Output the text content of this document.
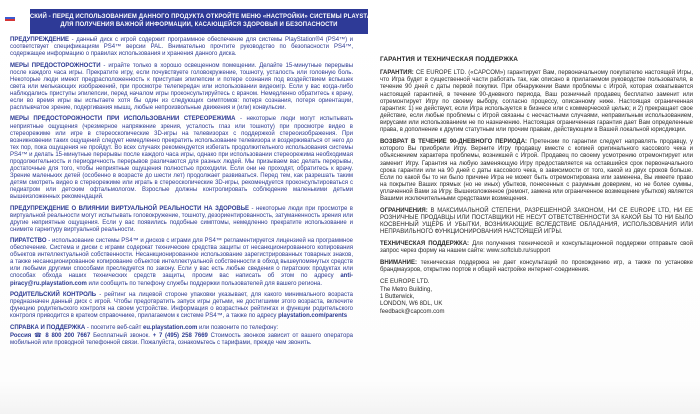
РУССКИЙ - ПЕРЕД ИСПОЛЬЗОВАНИЕМ ДАННОГО ПРОДУКТА ОТКРОЙТЕ МЕНЮ «НАСТРОЙКИ» СИСТЕМЫ PLAYSTATION®4
ДЛЯ ПОЛУЧЕНИЯ ВАЖНОЙ ИНФОРМАЦИИ, КАСАЮЩЕЙСЯ ЗДОРОВЬЯ И БЕЗОПАСНОСТИ

ПРЕДУПРЕЖДЕНИЕ - данный диск с игрой содержит программное обеспечение для системы PlayStation®4 (PS4™) и соответствует спецификациям PS4™ версии PAL. Внимательно прочтите руководство по безопасности PS4™, содержащее информацию о правилах использования и хранения данного диска.

МЕРЫ ПРЕДОСТОРОЖНОСТИ - играйте только в хорошо освещенном помещении. Делайте 15-минутные перерывы после каждого часа игры. Прекратите игру, если почувствуете головокружение, тошноту, усталость или головную боль. Некоторые люди имеют предрасположенность к приступам эпилепсии и потере сознания под воздействием вспышек света или мелькающих изображений, при просмотре телепередач или использовании видеоигр. Если у вас когда-либо наблюдались приступы эпилепсии, перед началом игры проконсультируйтесь с врачом. Немедленно обратитесь к врачу, если во время игры вы испытаете хотя бы один из следующих симптомов: потеря сознания, потеря ориентации, расплывчатое зрение, подергивания мышц, любые непроизвольные движения и (или) конвульсии.

МЕРЫ ПРЕДОСТОРОЖНОСТИ ПРИ ИСПОЛЬЗОВАНИИ СТЕРЕОРЕЖИМА - некоторые люди могут испытывать неприятные ощущения (чрезмерное напряжение зрения, усталость глаз или тошноту) при просмотре видео в стереорежиме или игре в стереоскопические 3D-игры на телевизорах с поддержкой стереоизображения. При возникновении таких ощущений следует немедленно прекратить использование телевизора и воздерживаться от него до тех пор, пока ощущения не пройдут. Во всех случаях рекомендуется избегать продолжительного использования системы PS4™ и делать 15-минутные перерывы после каждого часа игры, однако при использовании стереорежима необходимая продолжительность и периодичность перерывов различаются для разных людей. Мы призываем вас делать перерывы, достаточные для того, чтобы неприятные ощущения полностью проходили. Если они не проходят, обратитесь к врачу. Зрение маленьких детей (особенно в возрасте до шести лет) продолжает развиваться. Перед тем, как разрешать таким детям смотреть видео в стереорежиме или играть в стереоскопические 3D-игры, рекомендуется проконсультироваться с педиатром или детским офтальмологом. Взрослые должны контролировать соблюдение маленькими детьми вышеизложенных рекомендаций.

ПРЕДУПРЕЖДЕНИЕ О ВЛИЯНИИ ВИРТУАЛЬНОЙ РЕАЛЬНОСТИ НА ЗДОРОВЬЕ - некоторые люди при просмотре в виртуальной реальности могут испытывать головокружение, тошноту, дезориентированность, затуманенность зрения или другие неприятные ощущения. Если у вас появились подобные симптомы, немедленно прекратите использование и снимите гарнитуру виртуальной реальности.

ПИРАТСТВО - использование системы PS4™ и дисков с играми для PS4™ регламентируется лицензией на программное обеспечение. Система и диски с играми содержат технические средства защиты от несанкционированного копирования объектов интеллектуальной собственности. Несанкционированное использование зарегистрированных товарных знаков, а также несанкционированное копирование объектов интеллектуальной собственности в обход вышеупомянутых средств или любыми другими способами преследуется по закону. Если у вас есть любые сведения о пиратских продуктах или способах обхода наших технических средств защиты, просим вас написать об этом по адресу anti-piracy@ru.playstation.com или сообщить по телефону службы поддержки пользователей для вашего региона.

РОДИТЕЛЬСКИЙ КОНТРОЛЬ - рейтинг на лицевой стороне упаковки указывает, для какого минимального возраста предназначен данный диск с игрой. Чтобы предотвратить запуск игры детьми, не достигшими этого возраста, включите функцию родительского контроля на своем устройстве. Информация о возрастных рейтингах и функции родительского контроля приводится в кратком справочнике, прилагаемом к системе PS4™, а также по адресу playstation.com/parents

СПРАВКА И ПОДДЕРЖКА - посетите веб-сайт eu.playstation.com или позвоните по телефону:

Россия ☎ 8 800 200 7667 Бесплатный звонок. + 7 (495) 258 7669 Стоимость звонков зависит от вашего оператора мобильной или проводной телефонной связи. Пожалуйста, ознакомьтесь с тарифами, прежде чем звонить.

ГАРАНТИЯ И ТЕХНИЧЕСКАЯ ПОДДЕРЖКА

ГАРАНТИЯ: CE EUROPE LTD. («CAPCOM») гарантирует Вам, первоначальному покупателю настоящей Игры, что Игра будет в существенной части работать так, как описано в прилагаемом руководстве пользователя, в течение 90 дней с даты первой покупки. При обнаружении Вами проблемы с Игрой, которая охватывается настоящей гарантией, в течение 90-дневного периода, Ваш розничный продавец бесплатно заменит или отремонтирует Игру по своему выбору, согласно процессу, описанному ниже. Настоящая ограниченная гарантия: 1) не действует, если Игра используется в бизнесе или с коммерческой целью; и 2) прекращает свое действие, если любые проблемы с Игрой связаны с несчастными случаями, неправильным использованием, вирусами или использованием не по назначению. Настоящая ограниченная гарантия дает Вам определенные права, в дополнение к другим статутным или прочим правам, действующим в Вашей локальной юрисдикции.

ВОЗВРАТ В ТЕЧЕНИЕ 90-ДНЕВНОГО ПЕРИОДА: Претензии по гарантии следует направлять продавцу, у которого Вы приобрели Игру. Верните Игру продавцу вместе с копией оригинального кассового чека и объяснением характера проблемы, возникшей с Игрой. Продавец по своему усмотрению отремонтирует или заменит Игру. Гарантия на любую заменяющую Игру предоставляется на оставшийся срок первоначального срока гарантии или на 90 дней с даты кассового чека, в зависимости от того, какой из двух сроков больше. Если по какой бы то ни было причине Игра не может быть отремонтирована или заменена, Вы имеете право на покрытие Ваших прямых (но не иных) убытков, понесенных с разумным доверием, но не более суммы, уплаченной Вами за Игру. Вышеизложенное (ремонт, замена или ограниченное возмещение убытков) является Вашими исключительными средствами возмещения.

ОГРАНИЧЕНИЯ: В МАКСИМАЛЬНОЙ СТЕПЕНИ, РАЗРЕШЕННОЙ ЗАКОНОМ, НИ CE EUROPE LTD, НИ ЕЕ РОЗНИЧНЫЕ ПРОДАВЦЫ ИЛИ ПОСТАВЩИКИ НЕ НЕСУТ ОТВЕТСТВЕННОСТИ ЗА КАКОЙ БЫ ТО НИ БЫЛО КОСВЕННЫЙ УЩЕРБ И УБЫТКИ, ВОЗНИКАЮЩИЕ ВСЛЕДСТВИЕ ОБЛАДАНИЯ, ИСПОЛЬЗОВАНИЯ ИЛИ НЕПРАВИЛЬНОГО ФУНКЦИОНИРОВАНИЯ НАСТОЯЩЕЙ ИГРЫ.

ТЕХНИЧЕСКАЯ ПОДДЕРЖКА: Для получения технической и консультационной поддержки отправьте свой запрос через форму на нашем сайте: www.softclub.ru/support

ВНИМАНИЕ: техническая поддержка не дает консультаций по прохождению игр, а также по установке брандмауэров, открытию портов и общей настройке интернет-соединения.

CE EUROPE LTD.
The Metro Building,
1 Butterwick,
LONDON, W6 8DL, UK
feedback@capcom.com
